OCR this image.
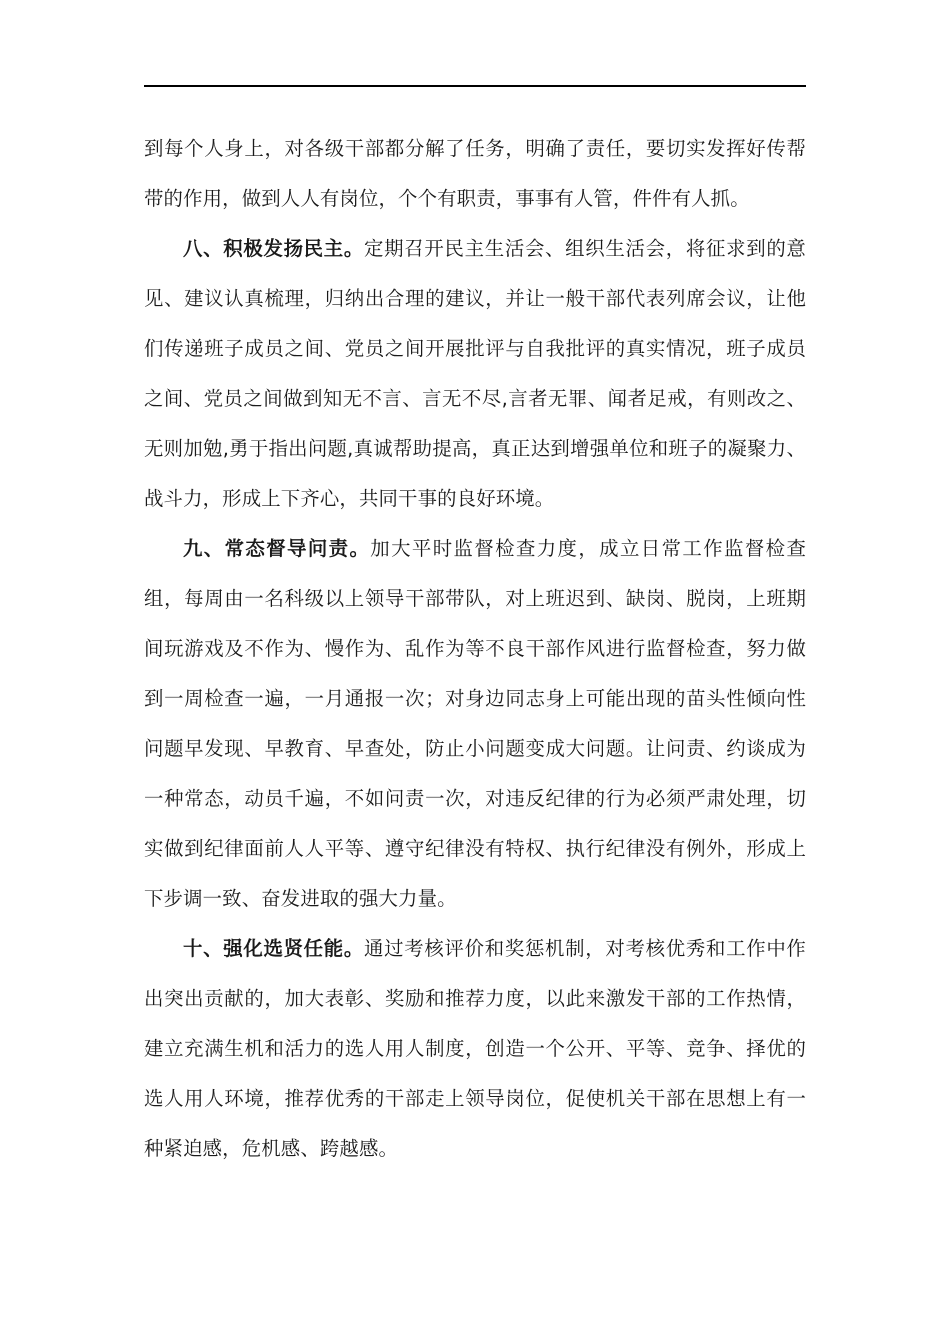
到每个人身上，对各级干部都分解了任务，明确了责任，要切实发挥好传帮带的作用，做到人人有岗位，个个有职责，事事有人管，件件有人抓。

八、积极发扬民主。定期召开民主生活会、组织生活会，将征求到的意见、建议认真梳理，归纳出合理的建议，并让一般干部代表列席会议，让他们传递班子成员之间、党员之间开展批评与自我批评的真实情况，班子成员之间、党员之间做到知无不言、言无不尽,言者无罪、闻者足戒，有则改之、无则加勉,勇于指出问题,真诚帮助提高，真正达到增强单位和班子的凝聚力、战斗力，形成上下齐心，共同干事的良好环境。

九、常态督导问责。加大平时监督检查力度，成立日常工作监督检查组，每周由一名科级以上领导干部带队，对上班迟到、缺岗、脱岗，上班期间玩游戏及不作为、慢作为、乱作为等不良干部作风进行监督检查，努力做到一周检查一遍，一月通报一次；对身边同志身上可能出现的苗头性倾向性问题早发现、早教育、早查处，防止小问题变成大问题。让问责、约谈成为一种常态，动员千遍，不如问责一次，对违反纪律的行为必须严肃处理，切实做到纪律面前人人平等、遵守纪律没有特权、执行纪律没有例外，形成上下步调一致、奋发进取的强大力量。

十、强化选贤任能。通过考核评价和奖惩机制，对考核优秀和工作中作出突出贡献的，加大表彰、奖励和推荐力度，以此来激发干部的工作热情，建立充满生机和活力的选人用人制度，创造一个公开、平等、竞争、择优的选人用人环境，推荐优秀的干部走上领导岗位，促使机关干部在思想上有一种紧迫感，危机感、跨越感。
